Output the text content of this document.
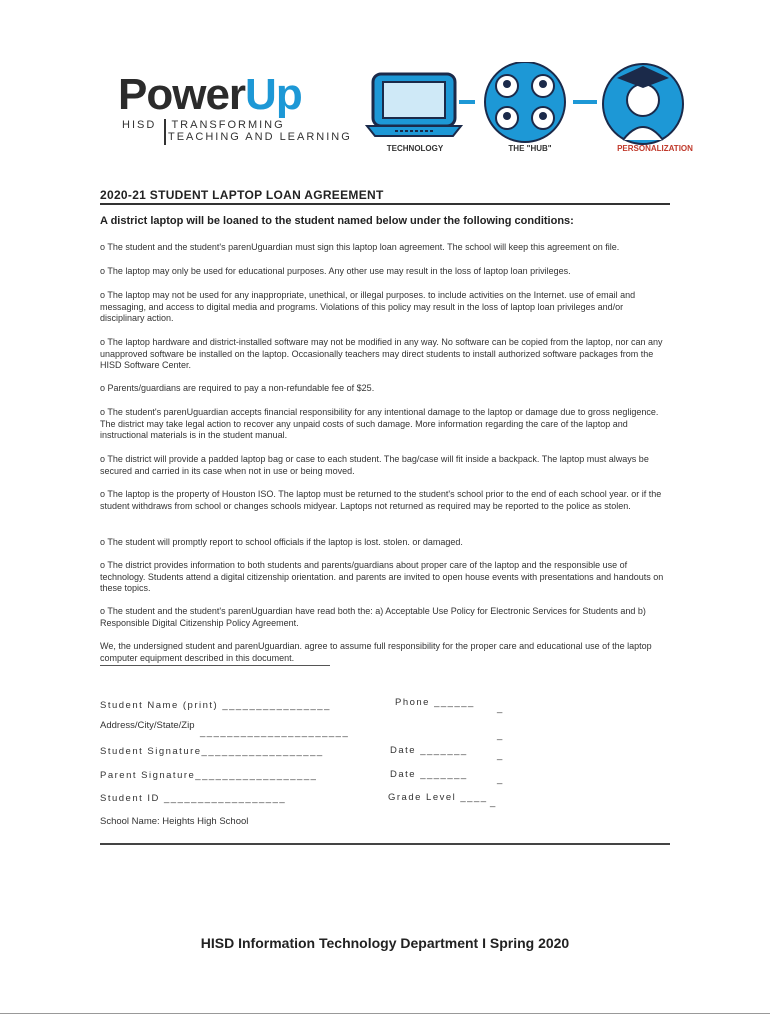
PowerUp
HISD TRANSFORMING
TEACHING AND LEARNING
TECHNOLOGY	THE "HUB"	PERSONALIZATION
2020-21 STUDENT LAPTOP LOAN AGREEMENT
A district laptop will be loaned to the student named below under the following conditions:
o The student and the student's parenUguardian must sign this laptop loan agreement. The school will keep this agreement on file.
o The laptop may only be used for educational purposes. Any other use may result in the loss of laptop loan privileges.
o The laptop may not be used for any inappropriate, unethical, or illegal purposes. to include activities on the Internet. use of email and messaging, and access to digital media and programs. Violations of this policy may result in the loss of laptop loan privileges and/or disciplinary action.
o The laptop hardware and district-installed software may not be modified in any way. No software can be copied from the laptop, nor can any unapproved software be installed on the laptop. Occasionally teachers may direct students to install authorized software packages from the HISD Software Center.
o Parents/guardians are required to pay a non-refundable fee of $25.
o The student's parenUguardian accepts financial responsibility for any intentional damage to the laptop or damage due to gross negligence. The district may take legal action to recover any unpaid costs of such damage. More information regarding the care of the laptop and instructional materials is in the student manual.
o The district will provide a padded laptop bag or case to each student. The bag/case will fit inside a backpack. The laptop must always be secured and carried in its case when not in use or being moved.
o The laptop is the property of Houston ISO. The laptop must be returned to the student's school prior to the end of each school year. or if the student withdraws from school or changes schools midyear. Laptops not returned as required may be reported to the police as stolen.
o The student will promptly report to school officials if the laptop is lost. stolen. or damaged.
o The district provides information to both students and parents/guardians about proper care of the laptop and the responsible use of technology. Students attend a digital citizenship orientation. and parents are invited to open house events with presentations and handouts on these topics.
o The student and the student's parenUguardian have read both the: a) Acceptable Use Policy for Electronic Services for Students and b) Responsible Digital Citizenship Policy Agreement.
We, the undersigned student and parenUguardian. agree to assume full responsibility for the proper care and educational use of the laptop computer equipment described in this document.
Student Name (print) ________________	Phone ______
_
Address/City/State/Zip
______________________	_
Student Signature__________________	Date _______	_
Parent Signature__________________	Date _______	_
Student ID __________________	Grade Level ____ _
School Name: Heights High School
HISD Information Technology Department I Spring 2020
